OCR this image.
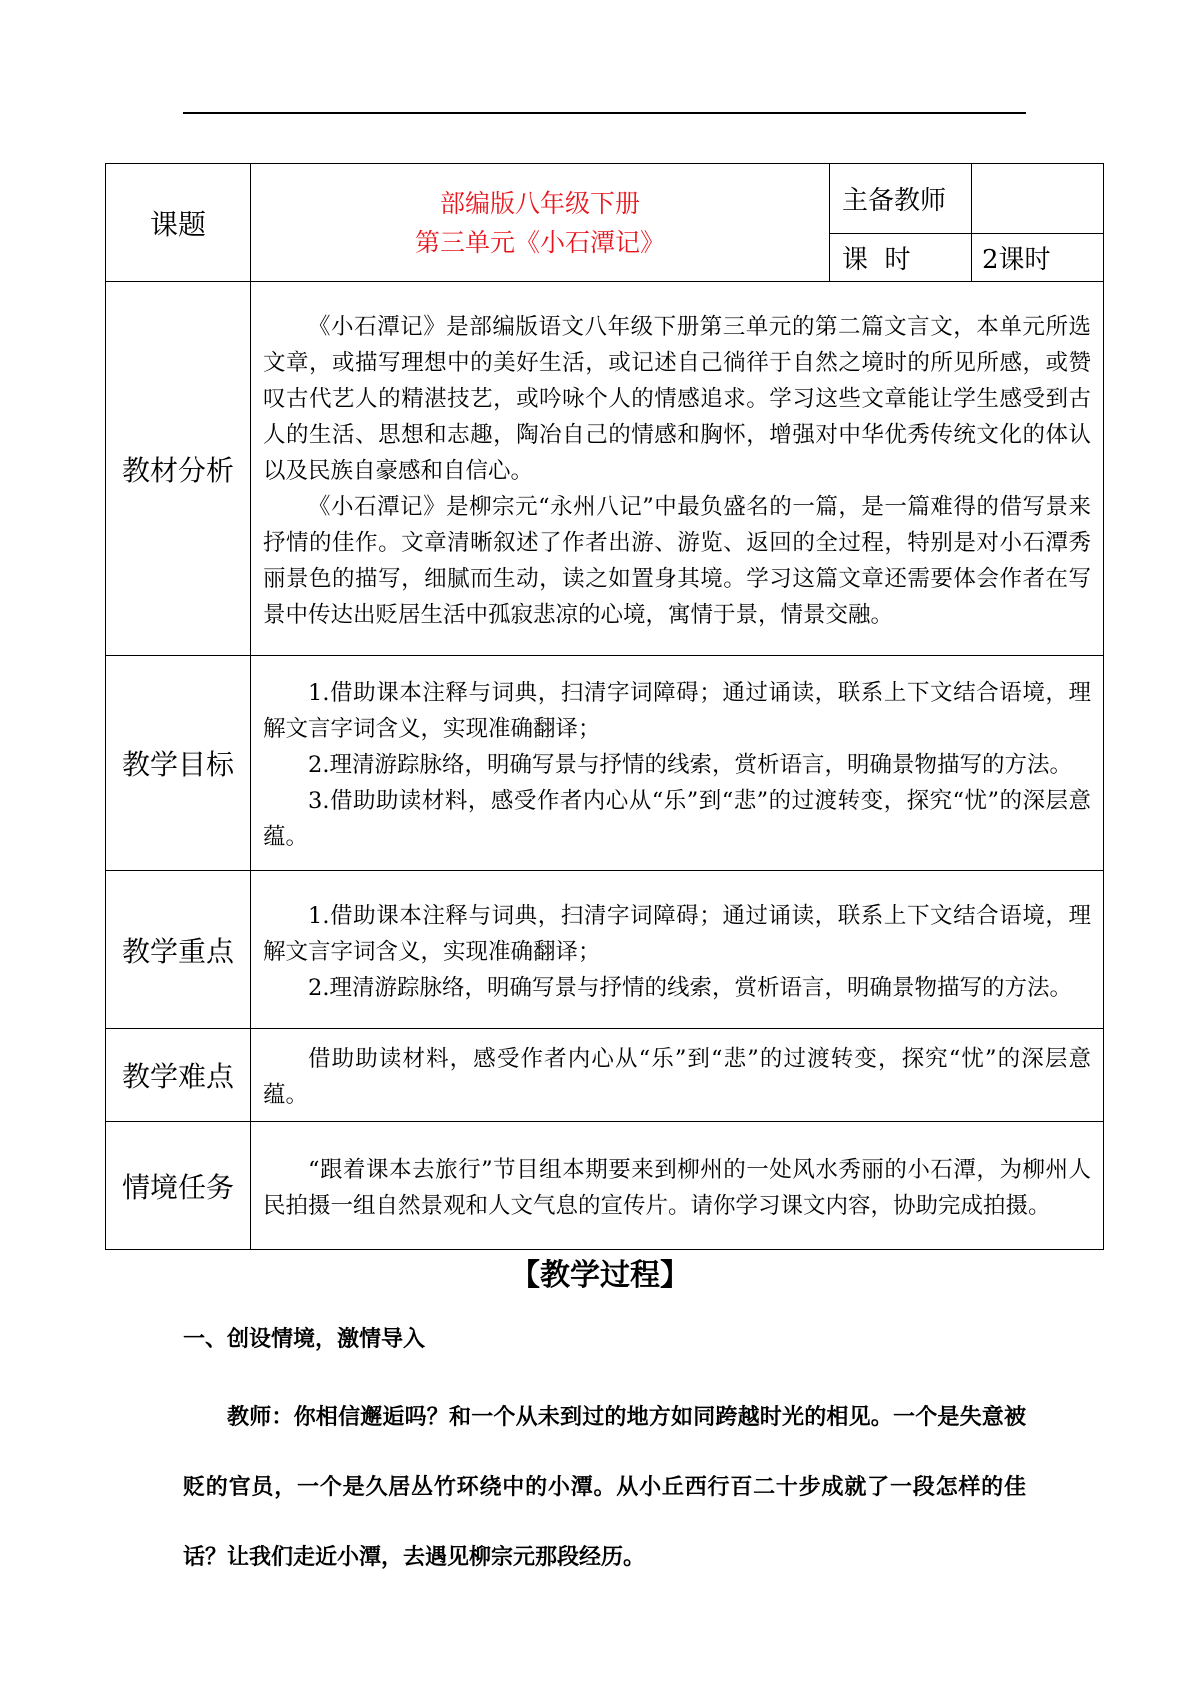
课题	部编版八年级下册
第三单元《小石潭记》	主备教师	
		课  时	2课时
教材分析	《小石潭记》是部编版语文八年级下册第三单元的第二篇文言文，本单元所选文章，或描写理想中的美好生活，或记述自己徜徉于自然之境时的所见所感，或赞叹古代艺人的精湛技艺，或吟咏个人的情感追求。学习这些文章能让学生感受到古人的生活、思想和志趣，陶冶自己的情感和胸怀，增强对中华优秀传统文化的体认以及民族自豪感和自信心。

《小石潭记》是柳宗元“永州八记”中最负盛名的一篇，是一篇难得的借写景来抒情的佳作。文章清晰叙述了作者出游、游览、返回的全过程，特别是对小石潭秀丽景色的描写，细腻而生动，读之如置身其境。学习这篇文章还需要体会作者在写景中传达出贬居生活中孤寂悲凉的心境，寓情于景，情景交融。		

教学目标	1.借助课本注释与词典，扫清字词障碍；通过诵读，联系上下文结合语境，理解文言字词含义，实现准确翻译；

2.理清游踪脉络，明确写景与抒情的线索，赏析语言，明确景物描写的方法。

3.借助助读材料，感受作者内心从“乐”到“悲”的过渡转变，探究“忧”的深层意蕴。		

教学重点	1.借助课本注释与词典，扫清字词障碍；通过诵读，联系上下文结合语境，理解文言字词含义，实现准确翻译；

2.理清游踪脉络，明确写景与抒情的线索，赏析语言，明确景物描写的方法。		

教学难点	借助助读材料，感受作者内心从“乐”到“悲”的过渡转变，探究“忧”的深层意蕴。		

情境任务	“跟着课本去旅行”节目组本期要来到柳州的一处风水秀丽的小石潭，为柳州人民拍摄一组自然景观和人文气息的宣传片。请你学习课文内容，协助完成拍摄。		

【教学过程】
一、创设情境，激情导入

教师：你相信邂逅吗？和一个从未到过的地方如同跨越时光的相见。一个是失意被贬的官员，一个是久居丛竹环绕中的小潭。从小丘西行百二十步成就了一段怎样的佳话？让我们走近小潭，去遇见柳宗元那段经历。
